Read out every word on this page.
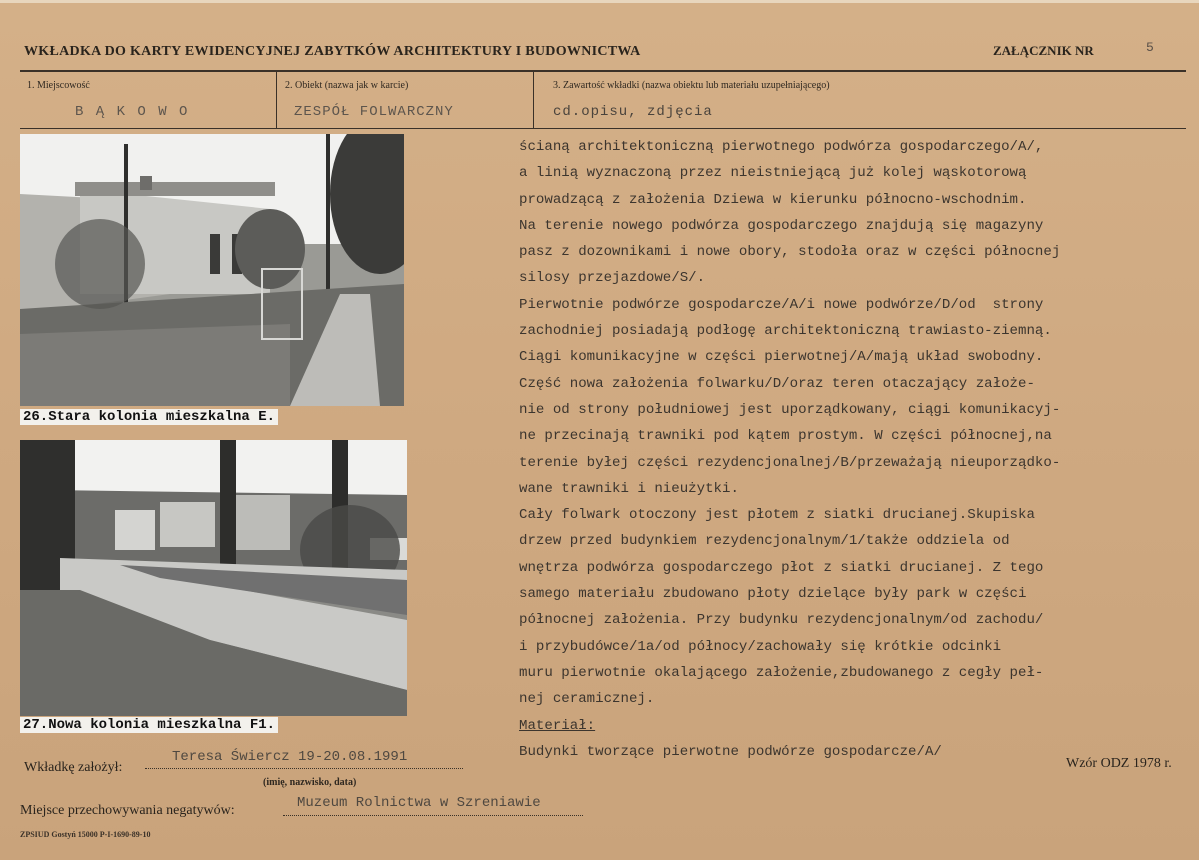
WKŁADKA DO KARTY EWIDENCYJNEJ ZABYTKÓW ARCHITEKTURY I BUDOWNICTWA	ZAŁĄCZNIK NR	5
1. Miejscowość
B Ą K O W O
2. Obiekt (nazwa jak w karcie)
ZESPÓŁ FOLWARCZNY
3. Zawartość wkładki (nazwa obiektu lub materiału uzupełniającego)
cd.opisu, zdjęcia
26.Stara kolonia mieszkalna E.
27.Nowa kolonia mieszkalna F1.
ścianą architektoniczną pierwotnego podwórza gospodarczego/A/,
a linią wyznaczoną przez nieistniejącą już kolej wąskotorową
prowadzącą z założenia Dziewa w kierunku północno-wschodnim.
Na terenie nowego podwórza gospodarczego znajdują się magazyny
pasz z dozownikami i nowe obory, stodoła oraz w części północnej
silosy przejazdowe/S/.
Pierwotnie podwórze gospodarcze/A/i nowe podwórze/D/od  strony
zachodniej posiadają podłogę architektoniczną trawiasto-ziemną.
Ciągi komunikacyjne w części pierwotnej/A/mają układ swobodny.
Część nowa założenia folwarku/D/oraz teren otaczający założe-
nie od strony południowej jest uporządkowany, ciągi komunikacyj-
ne przecinają trawniki pod kątem prostym. W części północnej,na
terenie byłej części rezydencjonalnej/B/przeważają nieuporządko-
wane trawniki i nieużytki.
Cały folwark otoczony jest płotem z siatki drucianej.Skupiska
drzew przed budynkiem rezydencjonalnym/1/także oddziela od
wnętrza podwórza gospodarczego płot z siatki drucianej. Z tego
samego materiału zbudowano płoty dzielące były park w części
północnej założenia. Przy budynku rezydencjonalnym/od zachodu/
i przybudówce/1a/od północy/zachowały się krótkie odcinki
muru pierwotnie okalającego założenie,zbudowanego z cegły peł-
nej ceramicznej.
Materiał:
Budynki tworzące pierwotne podwórze gospodarcze/A/
Wkładkę założył:
Teresa Świercz 19-20.08.1991
(imię, nazwisko, data)
Wzór ODZ 1978 r.
Miejsce przechowywania negatywów:	Muzeum Rolnictwa w Szreniawie
ZPSIUD Gostyń 15000 P-I-1690-89-10
